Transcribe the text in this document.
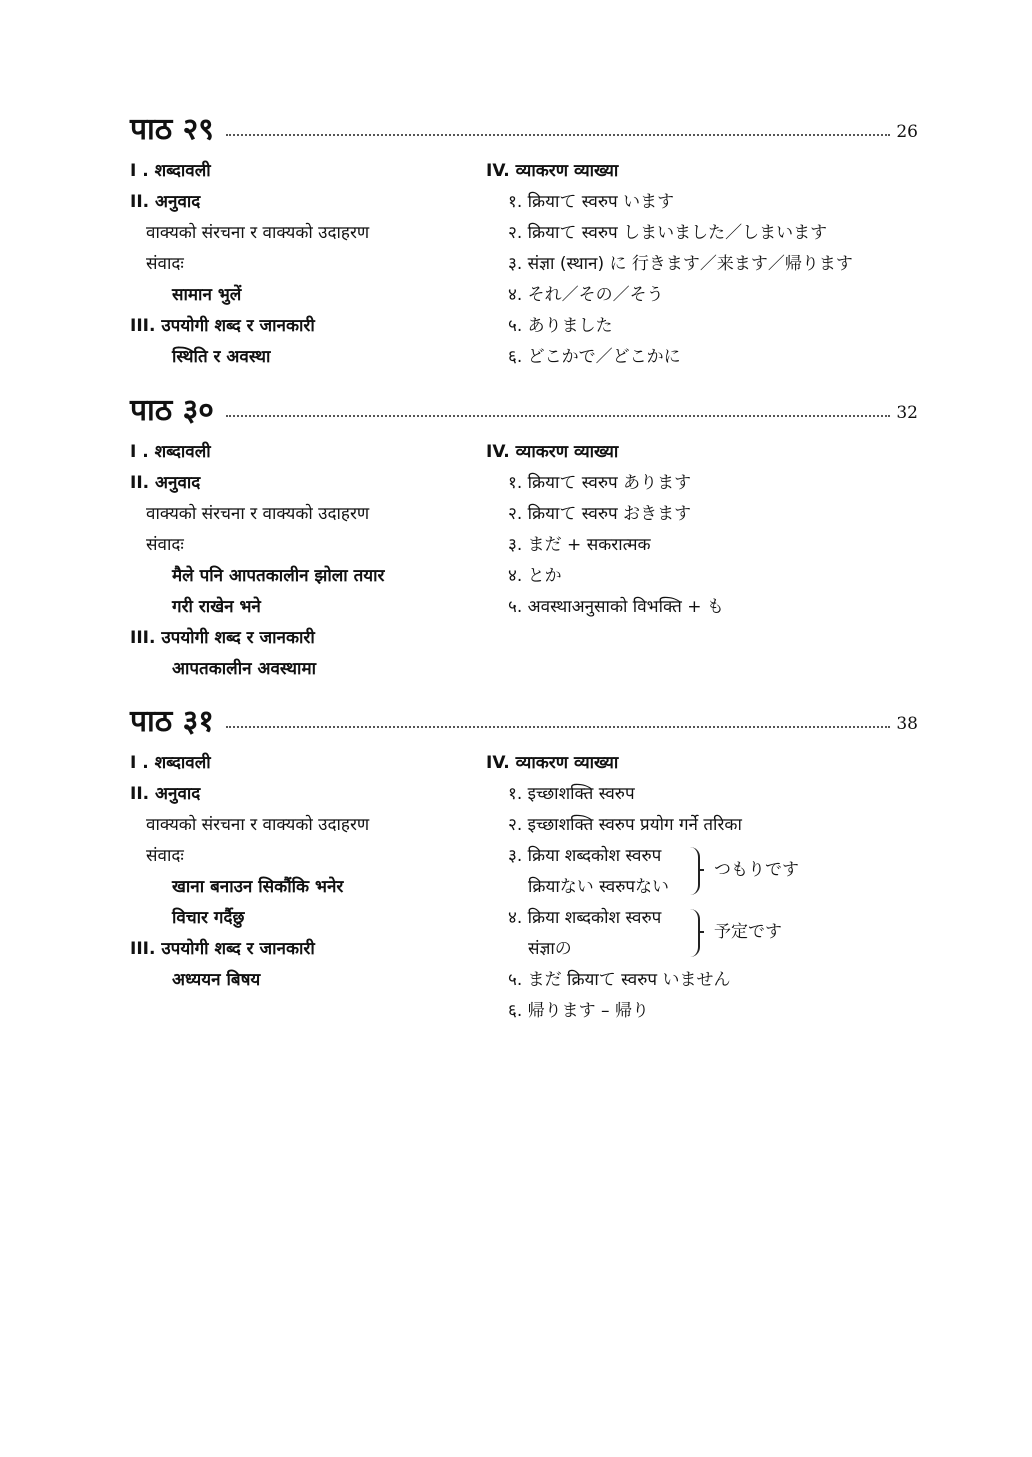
पाठ २९	26
I . शब्दावली
II. अनुवाद
वाक्यको संरचना र वाक्यको उदाहरण
संवादः
सामान भुलें
III. उपयोगी शब्द र जानकारी
स्थिति र अवस्था
IV. व्याकरण व्याख्या
१. क्रियाて स्वरुप います
२. क्रियाて स्वरुप しまいました／しまいます
३. संज्ञा (स्थान) に 行きます／来ます／帰ります
४. それ／その／そう
५. ありました
६. どこかで／どこかに
पाठ ३०	32
I . शब्दावली
II. अनुवाद
वाक्यको संरचना र वाक्यको उदाहरण
संवादः
मैले पनि आपतकालीन झोला तयार
गरी राखेन भने
III. उपयोगी शब्द र जानकारी
आपतकालीन अवस्थामा
IV. व्याकरण व्याख्या
१. क्रियाて स्वरुप あります
२. क्रियाて स्वरुप おきます
३. まだ + सकरात्मक
४. とか
५. अवस्थाअनुसाको विभक्ति + も
पाठ ३१	38
I . शब्दावली
II. अनुवाद
वाक्यको संरचना र वाक्यको उदाहरण
संवादः
खाना बनाउन सिकौंकि भनेर
विचार गर्दैछु
III. उपयोगी शब्द र जानकारी
अध्ययन बिषय
IV. व्याकरण व्याख्या
१. इच्छाशक्ति स्वरुप
२. इच्छाशक्ति स्वरुप प्रयोग गर्ने तरिका
३. क्रिया शब्दकोश स्वरुप
क्रियाない स्वरुपない
つもりです
४. क्रिया शब्दकोश स्वरुप
संज्ञाの
予定です
५. まだ क्रियाて स्वरुप いません
६. 帰ります – 帰り
